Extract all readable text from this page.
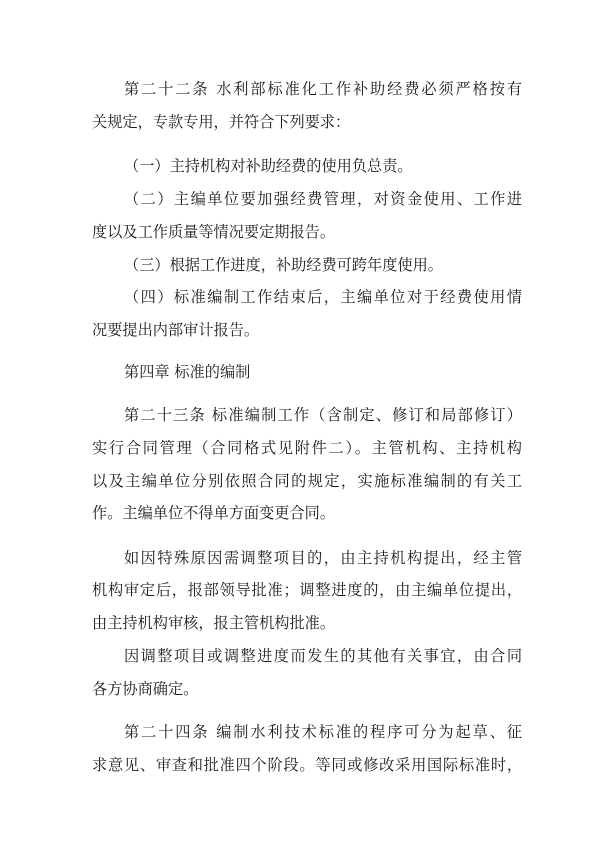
第二十二条 水利部标准化工作补助经费必须严格按有
关规定，专款专用，并符合下列要求：
（一）主持机构对补助经费的使用负总责。
（二）主编单位要加强经费管理，对资金使用、工作进
度以及工作质量等情况要定期报告。
（三）根据工作进度，补助经费可跨年度使用。
（四）标准编制工作结束后，主编单位对于经费使用情
况要提出内部审计报告。
第四章 标准的编制
第二十三条 标准编制工作（含制定、修订和局部修订）
实行合同管理（合同格式见附件二）。主管机构、主持机构
以及主编单位分别依照合同的规定，实施标准编制的有关工
作。主编单位不得单方面变更合同。
如因特殊原因需调整项目的，由主持机构提出，经主管
机构审定后，报部领导批准；调整进度的，由主编单位提出，
由主持机构审核，报主管机构批准。
因调整项目或调整进度而发生的其他有关事宜，由合同
各方协商确定。
第二十四条 编制水利技术标准的程序可分为起草、征
求意见、审查和批准四个阶段。等同或修改采用国际标准时，
